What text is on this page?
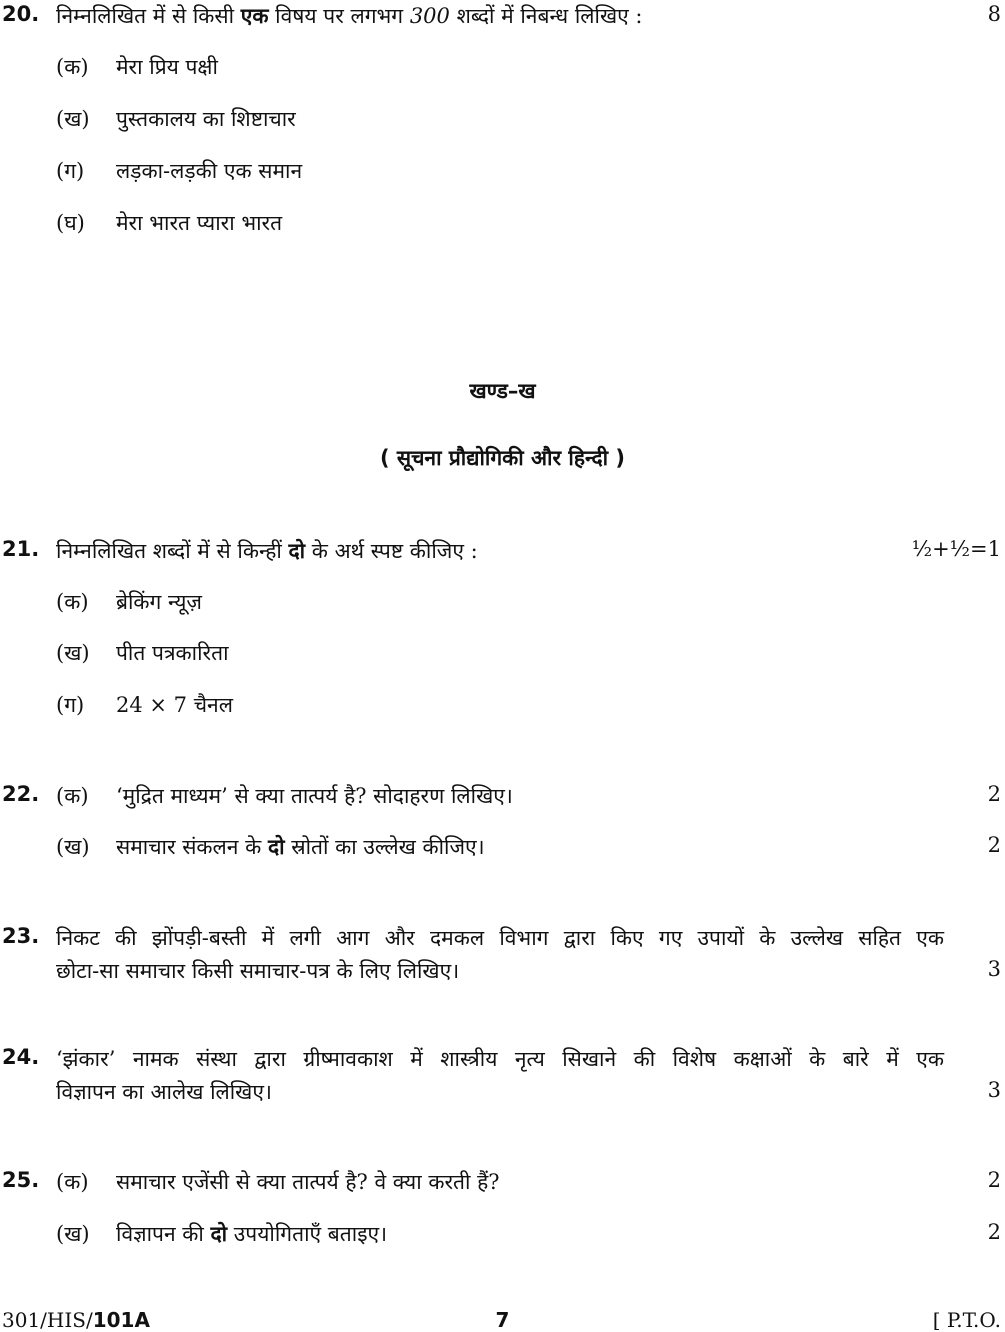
20. निम्नलिखित में से किसी एक विषय पर लगभग 300 शब्दों में निबन्ध लिखिए :	8
(क) मेरा प्रिय पक्षी
(ख) पुस्तकालय का शिष्टाचार
(ग) लड़का-लड़की एक समान
(घ) मेरा भारत प्यारा भारत
खण्ड–ख
( सूचना प्रौद्योगिकी और हिन्दी )
21. निम्नलिखित शब्दों में से किन्हीं दो के अर्थ स्पष्ट कीजिए :	½+½=1
(क) ब्रेकिंग न्यूज़
(ख) पीत पत्रकारिता
(ग) 24 × 7 चैनल
22. (क) ‘मुद्रित माध्यम’ से क्या तात्पर्य है? सोदाहरण लिखिए।	2
(ख) समाचार संकलन के दो स्रोतों का उल्लेख कीजिए।	2
23. निकट की झोंपड़ी-बस्ती में लगी आग और दमकल विभाग द्वारा किए गए उपायों के उल्लेख सहित एक
छोटा-सा समाचार किसी समाचार-पत्र के लिए लिखिए।	3
24. ‘झंकार’ नामक संस्था द्वारा ग्रीष्मावकाश में शास्त्रीय नृत्य सिखाने की विशेष कक्षाओं के बारे में एक
विज्ञापन का आलेख लिखिए।	3
25. (क) समाचार एजेंसी से क्या तात्पर्य है? वे क्या करती हैं?	2
(ख) विज्ञापन की दो उपयोगिताएँ बताइए।	2
301/HIS/101A	7	[ P.T.O.
